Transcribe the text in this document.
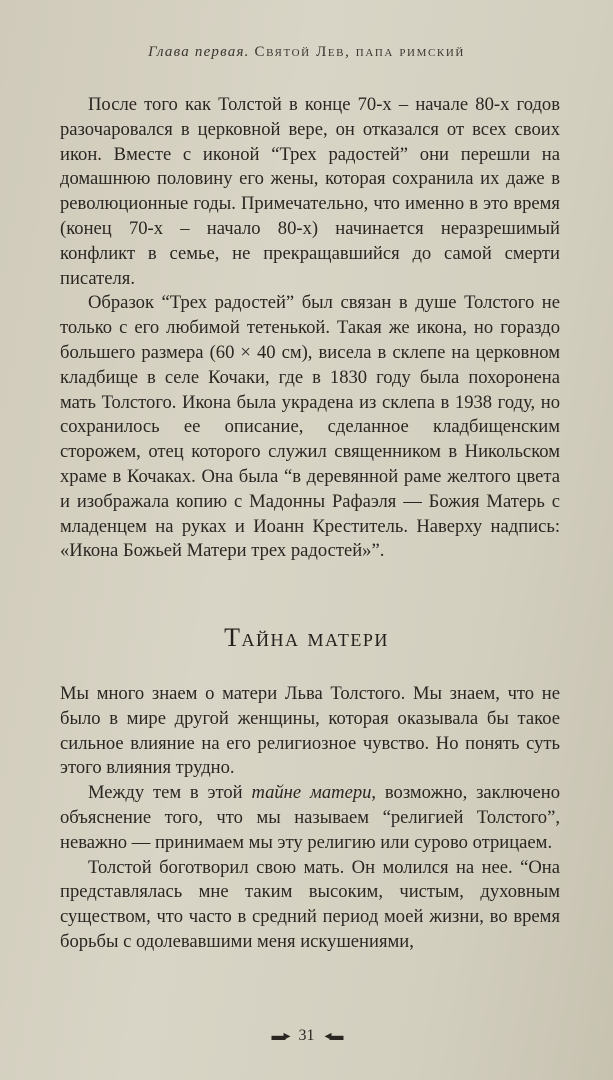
Глава первая. Святой Лев, папа римский

После того как Толстой в конце 70-х – начале 80-х годов разочаровался в церковной вере, он отказался от всех своих икон. Вместе с иконой “Трех радостей” они перешли на домашнюю половину его жены, которая сохранила их даже в революционные годы. Примечательно, что именно в это время (конец 70-х – начало 80-х) начинается неразрешимый конфликт в семье, не прекращавшийся до самой смерти писателя.

Образок “Трех радостей” был связан в душе Толстого не только с его любимой тетенькой. Такая же икона, но гораздо большего размера (60 × 40 см), висела в склепе на церковном кладбище в селе Кочаки, где в 1830 году была похоронена мать Толстого. Икона была украдена из склепа в 1938 году, но сохранилось ее описание, сделанное кладбищенским сторожем, отец которого служил священником в Никольском храме в Кочаках. Она была “в деревянной раме желтого цвета и изображала копию с Мадонны Рафаэля — Божия Матерь с младенцем на руках и Иоанн Креститель. Наверху надпись: «Икона Божьей Матери трех радостей»”.

Тайна матери

Мы много знаем о матери Льва Толстого. Мы знаем, что не было в мире другой женщины, которая оказывала бы такое сильное влияние на его религиозное чувство. Но понять суть этого влияния трудно.

Между тем в этой тайне матери, возможно, заключено объяснение того, что мы называем “религией Толстого”, неважно — принимаем мы эту религию или сурово отрицаем.

Толстой боготворил свою мать. Он молился на нее. “Она представлялась мне таким высоким, чистым, духовным существом, что часто в средний период моей жизни, во время борьбы с одолевавшими меня искушениями,

▬▸ 31 ◂▬
